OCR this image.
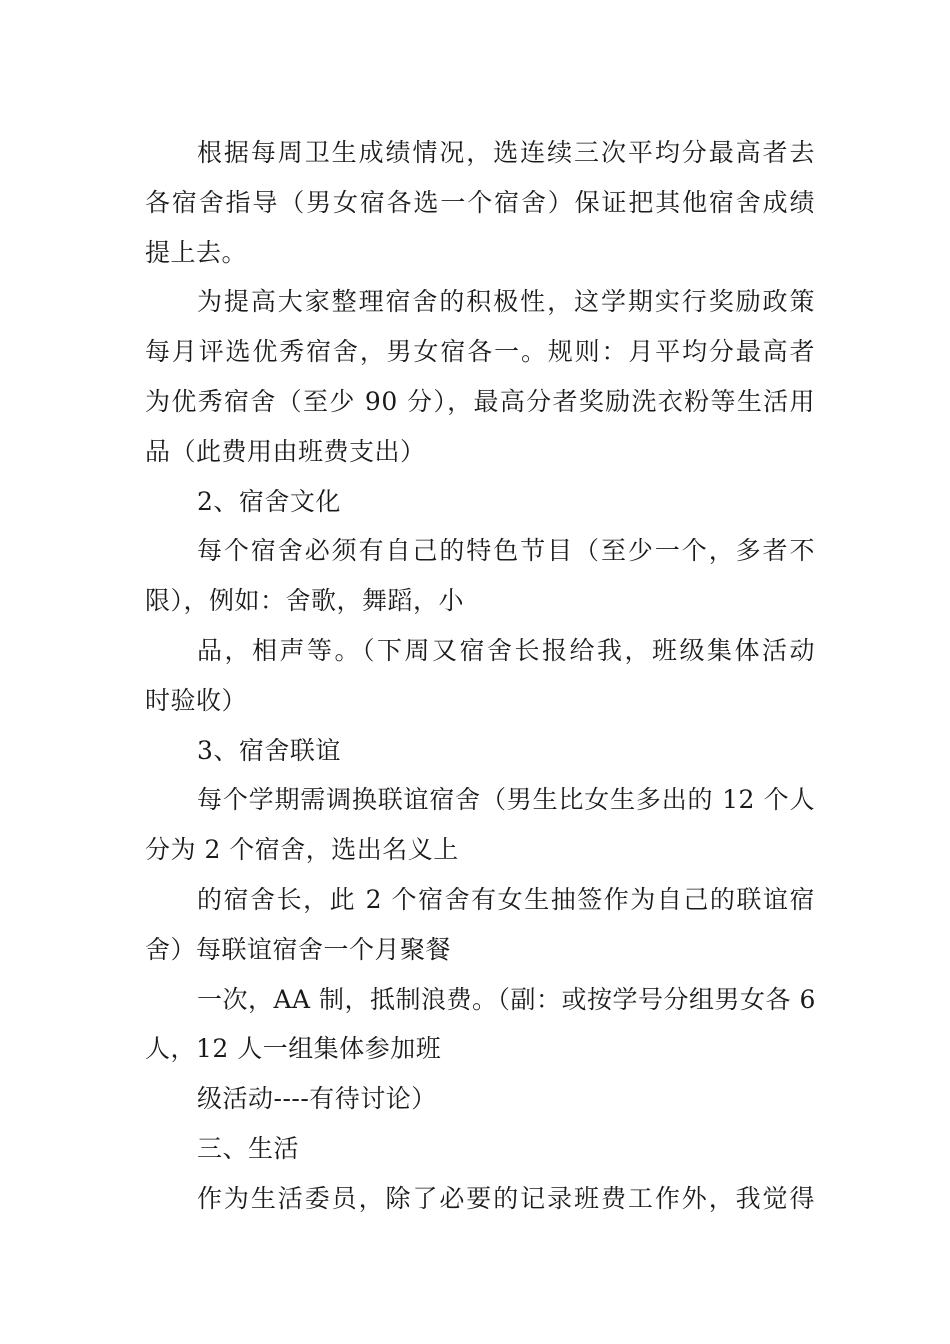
根据每周卫生成绩情况，选连续三次平均分最高者去
各宿舍指导（男女宿各选一个宿舍）保证把其他宿舍成绩
提上去。
为提高大家整理宿舍的积极性，这学期实行奖励政策
每月评选优秀宿舍，男女宿各一。规则：月平均分最高者
为优秀宿舍（至少 90 分），最高分者奖励洗衣粉等生活用
品（此费用由班费支出）
2、宿舍文化
每个宿舍必须有自己的特色节目（至少一个，多者不
限），例如：舍歌，舞蹈，小
品，相声等。（下周又宿舍长报给我，班级集体活动
时验收）
3、宿舍联谊
每个学期需调换联谊宿舍（男生比女生多出的 12 个人
分为 2 个宿舍，选出名义上
的宿舍长，此 2 个宿舍有女生抽签作为自己的联谊宿
舍）每联谊宿舍一个月聚餐
一次，AA 制，抵制浪费。（副：或按学号分组男女各 6
人，12 人一组集体参加班
级活动----有待讨论）
三、生活
作为生活委员，除了必要的记录班费工作外，我觉得
